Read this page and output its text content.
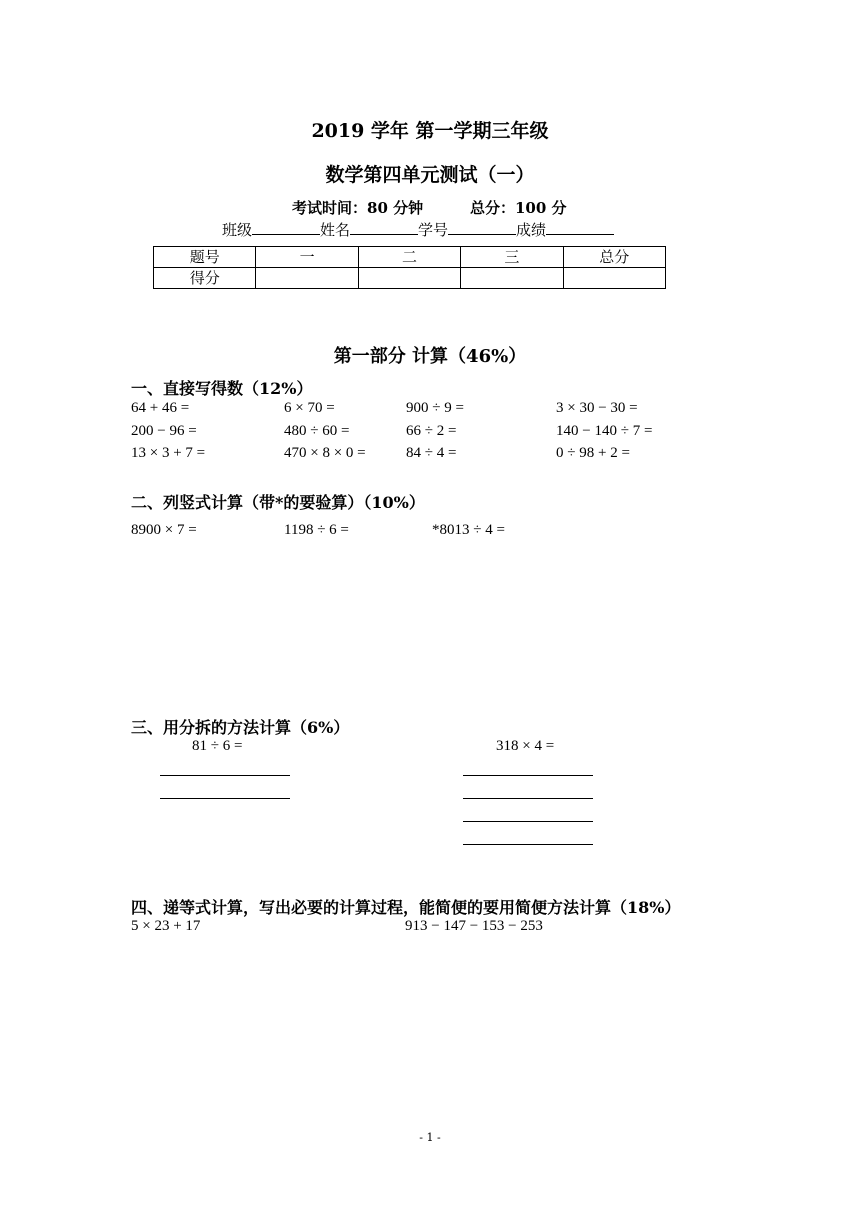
2019 学年 第一学期三年级
数学第四单元测试（一）
考试时间：80 分钟	总分：100 分
班级	姓名	学号	成绩
题号	一	二	三	总分
得分				
第一部分 计算（46%）
一、直接写得数（12%）
64 + 46 =	6 × 70 =	900 ÷ 9 =	3 × 30 − 30 =
200 − 96 =	480 ÷ 60 =	66 ÷ 2 =	140 − 140 ÷ 7 =
13 × 3 + 7 =	470 × 8 × 0 =	84 ÷ 4 =	0 ÷ 98 + 2 =
二、列竖式计算（带*的要验算）（10%）
8900 × 7 =	1198 ÷ 6 =	*8013 ÷ 4 =
三、用分拆的方法计算（6%）
81 ÷ 6 =	318 × 4 =
四、递等式计算，写出必要的计算过程，能简便的要用简便方法计算（18%）
5 × 23 + 17	913 − 147 − 153 − 253
- 1 -
